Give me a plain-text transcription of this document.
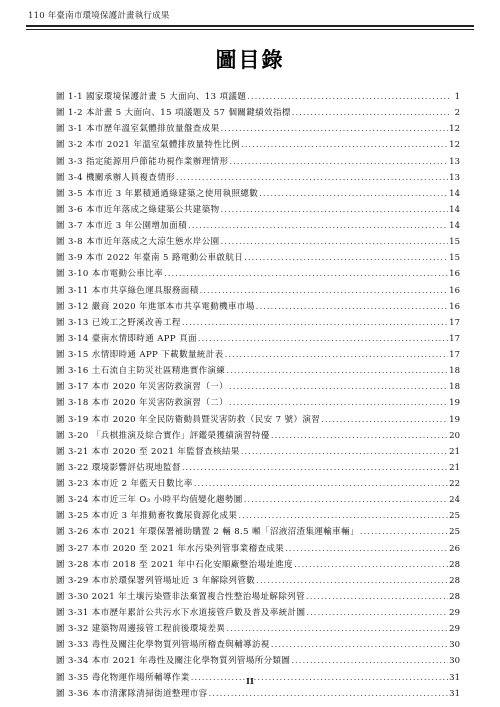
110 年臺南市環境保護計畫執行成果
圖目錄
圖 1-1 國家環境保護計畫 5 大面向、13 項議題 .....	1
圖 1-2 本計畫 5 大面向、15 項議題及 57 個關鍵績效指標 .....	2
圖 3-1 本市歷年溫室氣體排放量盤查成果 .....	12
圖 3-2 本市 2021 年溫室氣體排放量特性比例 .....	12
圖 3-3 指定能源用戶節能功視作業辦理情形 .....	13
圖 3-4 機關承辦人員複查情形 .....	13
圖 3-5 本市近 3 年累積通過綠建築之使用執照總數 .....	14
圖 3-6 本市近年落成之綠建築公共建築物 .....	14
圖 3-7 本市近 3 年公園增加面積 .....	14
圖 3-8 本市近年落成之大涼生態水岸公園 .....	15
圖 3-9 本市 2022 年臺南 5 路電動公車啟航日 .....	15
圖 3-10 本市電動公車比率 .....	16
圖 3-11 本市共享綠色運具服務面積 .....	16
圖 3-12 嚴商 2020 年進軍本市共享電動機車市場 .....	16
圖 3-13 已竣工之野溪改善工程 .....	17
圖 3-14 臺南水情即時通 APP 頁面 .....	17
圖 3-15 水情即時通 APP 下載數量統計表 .....	17
圖 3-16 土石流自主防災社區精進實作演練 .....	18
圖 3-17 本市 2020 年災害防救演習（一） .....	18
圖 3-18 本市 2020 年災害防救演習（二） .....	19
圖 3-19 本市 2020 年全民防衛動員暨災害防救（民安 7 號）演習 .....	19
圖 3-20 「兵棋推演及綜合實作」評鑑榮獲績演習特優 .....	20
圖 3-21 本市 2020 至 2021 年監督查核結果 .....	21
圖 3-22 環境影響評估現地監督 .....	21
圖 3-23 本市近 2 年藍天日數比率 .....	22
圖 3-24 本市近三年 O₃ 小時平均值變化趨勢圖 .....	24
圖 3-25 本市近 3 年推動畜牧糞尿資源化成果 .....	25
圖 3-26 本市 2021 年環保署補助購置 2 輛 8.5 噸「沼液沼渣集運輸車輛」 .....	25
圖 3-27 本市 2020 至 2021 年水污染列管事業稽查成果 .....	26
圖 3-28 本市 2018 至 2021 年中石化安順廠整治場址進度 .....	28
圖 3-29 本市於環保署列管場址近 3 年解除列管數 .....	28
圖 3-30 2021 年土壤污染暨非法棄置複合性整治場址解除列管 .....	28
圖 3-31 本市歷年累計公共污水下水道接管戶數及普及率統計圖 .....	29
圖 3-32 建築物周邊接管工程前後環境差異 .....	29
圖 3-33 毒性及關注化學物質列管場所稽查與輔導訪視 .....	30
圖 3-34 本市 2021 年毒性及關注化學物質列管場所分類圖 .....	30
圖 3-35 毒化物運作場所輔導作業 .....	31
圖 3-36 本市清潔隊清掃街道整理市容 .....	31
II
